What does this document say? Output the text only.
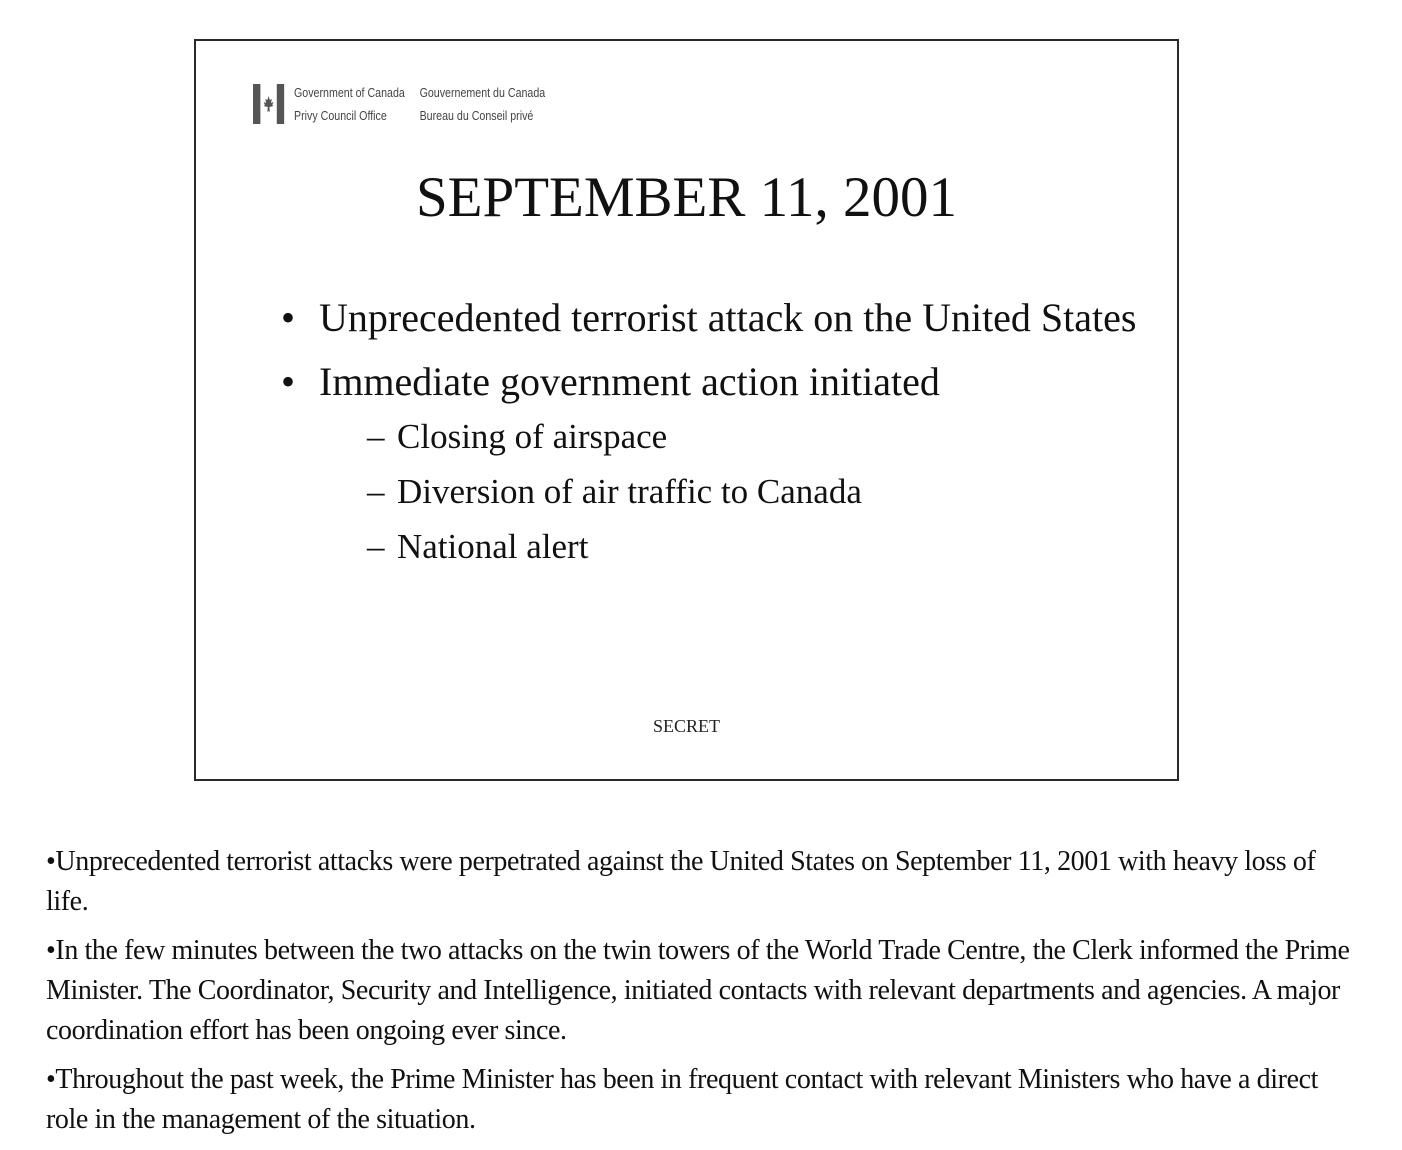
Government of Canada
Privy Council Office
Gouvernement du Canada
Bureau du Conseil privé
SEPTEMBER 11, 2001
• Unprecedented terrorist attack on the United States
• Immediate government action initiated
– Closing of airspace
– Diversion of air traffic to Canada
– National alert
SECRET

•Unprecedented terrorist attacks were perpetrated against the United States on September 11, 2001 with heavy loss of life.

•In the few minutes between the two attacks on the twin towers of the World Trade Centre, the Clerk informed the Prime Minister. The Coordinator, Security and Intelligence, initiated contacts with relevant departments and agencies. A major coordination effort has been ongoing ever since.

•Throughout the past week, the Prime Minister has been in frequent contact with relevant Ministers who have a direct role in the management of the situation.
